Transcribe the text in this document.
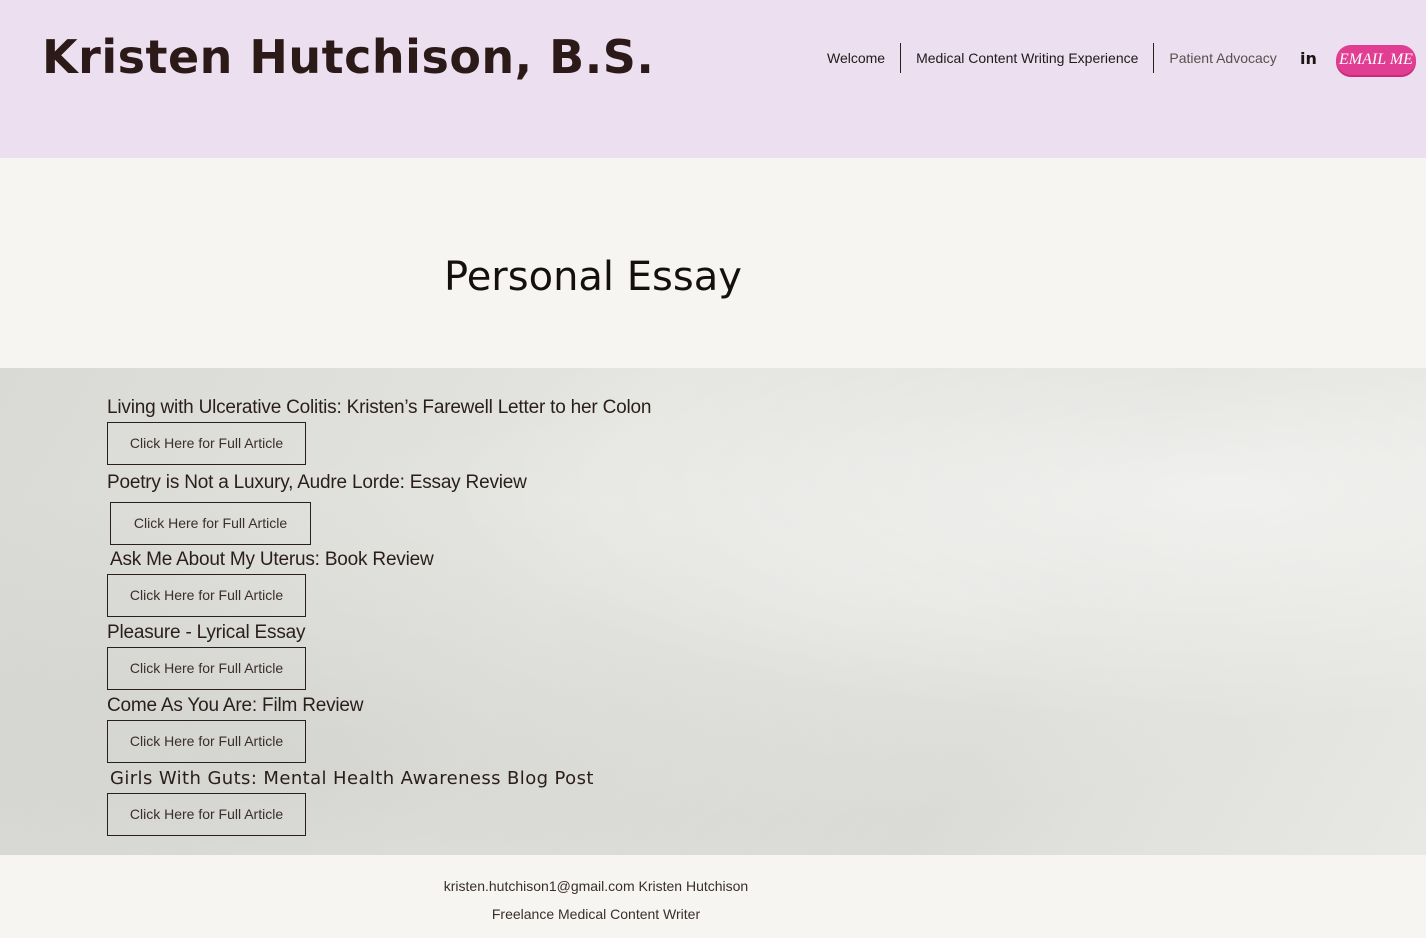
Kristen Hutchison, B.S.	Welcome	Medical Content Writing Experience	Patient Advocacy	in EMAIL ME
Personal Essay
Living with Ulcerative Colitis: Kristen’s Farewell Letter to her Colon
Click Here for Full Article
Poetry is Not a Luxury, Audre Lorde: Essay Review
Click Here for Full Article
Ask Me About My Uterus: Book Review
Click Here for Full Article
Pleasure - Lyrical Essay
Click Here for Full Article
Come As You Are: Film Review
Click Here for Full Article
Girls With Guts: Mental Health Awareness Blog Post
Click Here for Full Article
kristen.hutchison1@gmail.com Kristen Hutchison
Freelance Medical Content Writer
